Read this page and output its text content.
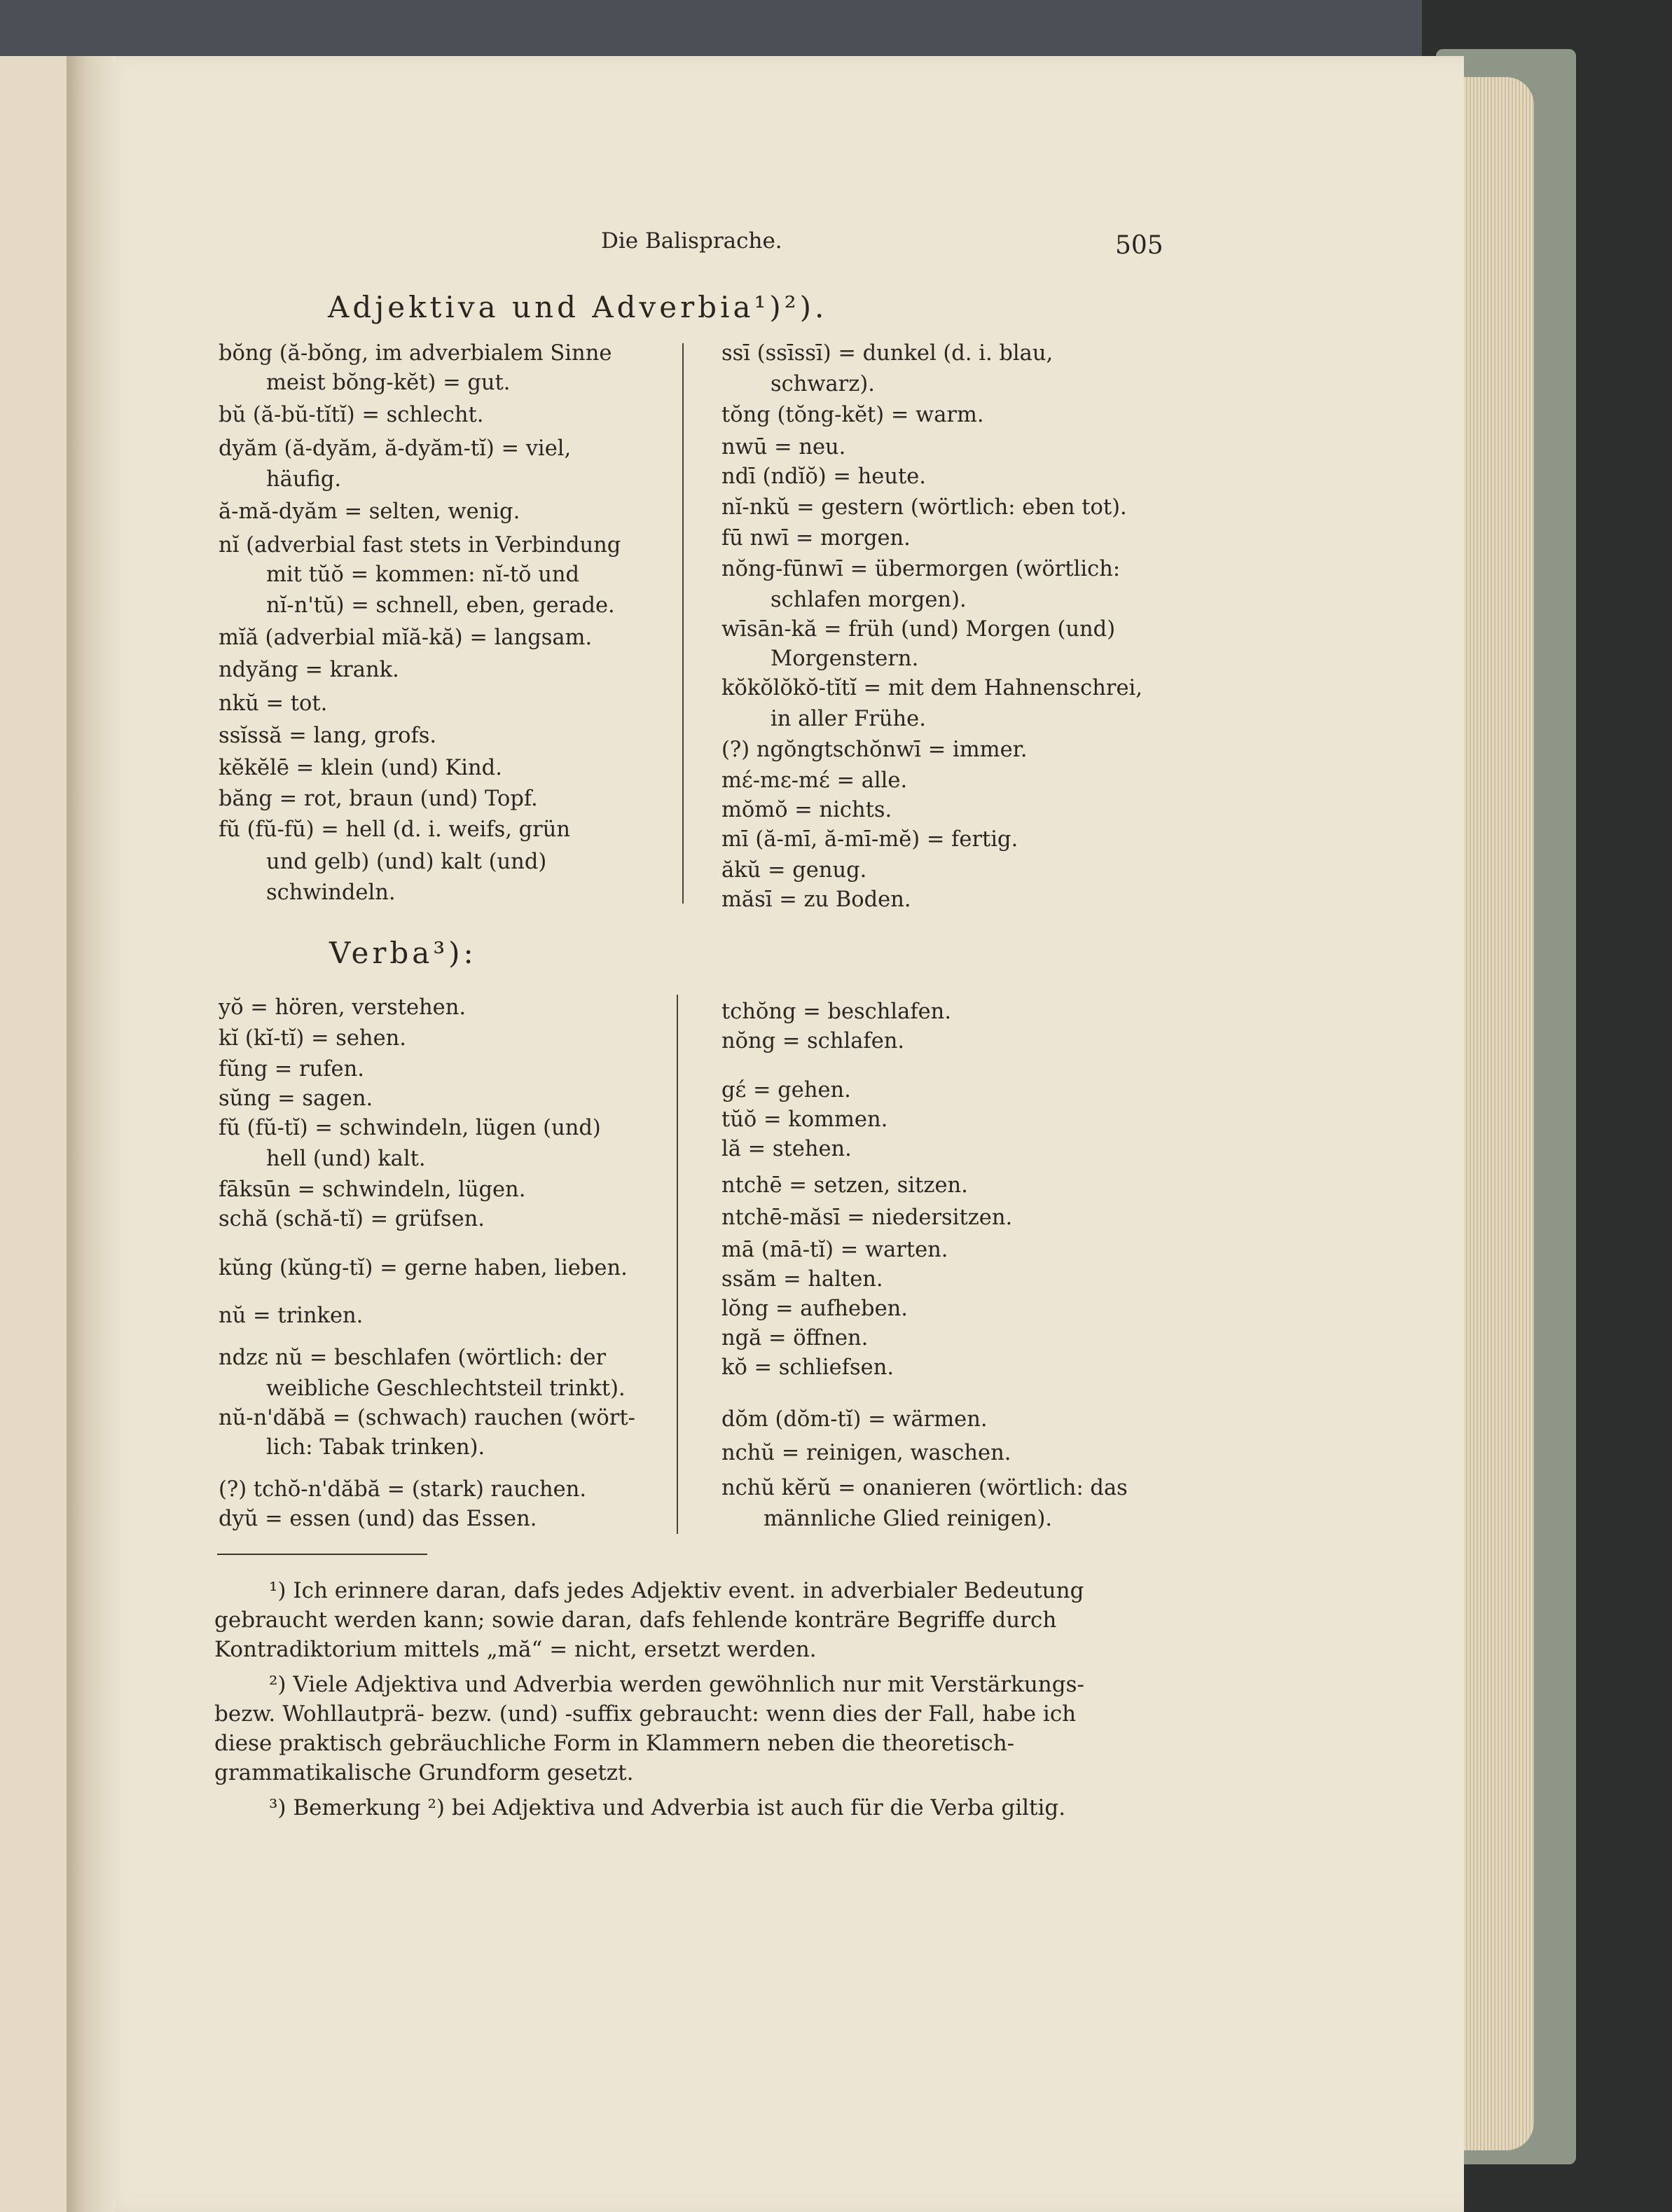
Die Balisprache.	505
Adjektiva und Adverbia¹)²).
bŏng (ă-bŏng, im adverbialem Sinne
meist bŏng-kĕt) = gut.
bŭ (ă-bŭ-tĭtĭ) = schlecht.
dyăm (ă-dyăm, ă-dyăm-tĭ) = viel,
häufig.
ă-mă-dyăm = selten, wenig.
nĭ (adverbial fast stets in Verbindung
mit tŭŏ = kommen: nĭ-tŏ und
nĭ-n'tŭ) = schnell, eben, gerade.
mĭă (adverbial mĭă-kă) = langsam.
ndyăng = krank.
nkŭ = tot.
ssĭssă = lang, grofs.
kĕkĕlē = klein (und) Kind.
băng = rot, braun (und) Topf.
fŭ (fŭ-fŭ) = hell (d. i. weifs, grün
und gelb) (und) kalt (und)
schwindeln.
ssī (ssīssī) = dunkel (d. i. blau,
schwarz).
tŏng (tŏng-kĕt) = warm.
nwū = neu.
ndī (ndĭŏ) = heute.
nĭ-nkŭ = gestern (wörtlich: eben tot).
fū nwī = morgen.
nŏng-fūnwī = übermorgen (wörtlich:
schlafen morgen).
wīsān-kă = früh (und) Morgen (und)
Morgenstern.
kŏkŏlŏkŏ-tĭtĭ = mit dem Hahnenschrei,
in aller Frühe.
(?) ngŏngtschŏnwī = immer.
mέ-mε-mέ = alle.
mŏmŏ = nichts.
mī (ă-mī, ă-mī-mĕ) = fertig.
ăkŭ = genug.
măsī = zu Boden.
Verba³):
yŏ = hören, verstehen.
kĭ (kĭ-tĭ) = sehen.
fŭng = rufen.
sŭng = sagen.
fŭ (fŭ-tĭ) = schwindeln, lügen (und)
hell (und) kalt.
fāksūn = schwindeln, lügen.
schă (schă-tĭ) = grüfsen.
kŭng (kŭng-tĭ) = gerne haben, lieben.
nŭ = trinken.
ndzε nŭ = beschlafen (wörtlich: der
weibliche Geschlechtsteil trinkt).
nŭ-n'dăbă = (schwach) rauchen (wört-
lich: Tabak trinken).
(?) tchŏ-n'dăbă = (stark) rauchen.
dyŭ = essen (und) das Essen.
tchŏng = beschlafen.
nŏng = schlafen.
gέ = gehen.
tŭŏ = kommen.
lă = stehen.
ntchē = setzen, sitzen.
ntchē-măsī = niedersitzen.
mā (mā-tĭ) = warten.
ssăm = halten.
lŏng = aufheben.
ngă = öffnen.
kŏ = schliefsen.
dŏm (dŏm-tĭ) = wärmen.
nchŭ = reinigen, waschen.
nchŭ kĕrŭ = onanieren (wörtlich: das
männliche Glied reinigen).
¹) Ich erinnere daran, dafs jedes Adjektiv event. in adverbialer Bedeutung
gebraucht werden kann; sowie daran, dafs fehlende konträre Begriffe durch
Kontradiktorium mittels „mă“ = nicht, ersetzt werden.
²) Viele Adjektiva und Adverbia werden gewöhnlich nur mit Verstärkungs-
bezw. Wohllautprä- bezw. (und) -suffix gebraucht: wenn dies der Fall, habe ich
diese praktisch gebräuchliche Form in Klammern neben die theoretisch-
grammatikalische Grundform gesetzt.
³) Bemerkung ²) bei Adjektiva und Adverbia ist auch für die Verba giltig.
